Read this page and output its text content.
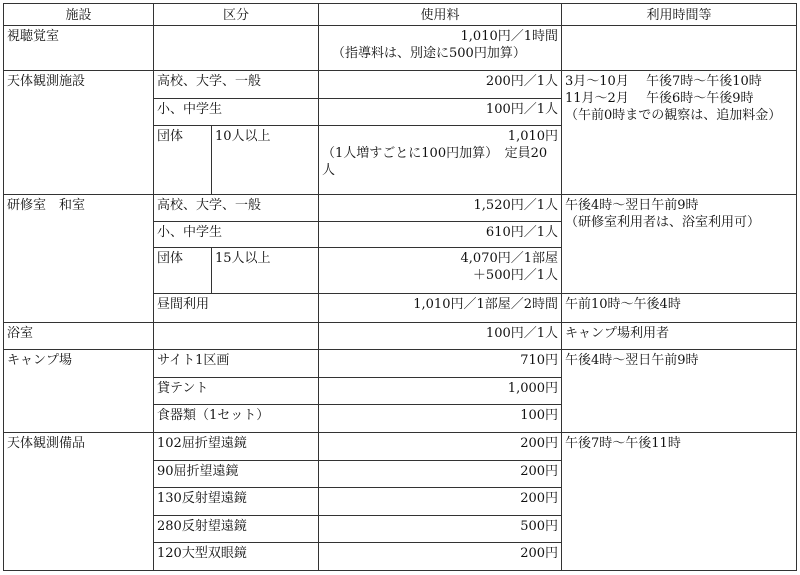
施設	区分		使用料	利用時間等
視聴覚室			1,010円／1時間
（指導料は、別途に500円加算）	

天体観測施設	高校、大学、一般		200円／1人	3月～10月　 午後7時～午後10時
11月～2月　 午後6時～午後9時
（午前0時までの観察は、追加料金）
	小、中学生		100円／1人	
	団体	10人以上	1,010円
（1人増すごとに100円加算）　定員20人	

研修室　和室	高校、大学、一般		1,520円／1人	午後4時～翌日午前9時
（研修室利用者は、浴室利用可）
	小、中学生		610円／1人	
	団体	15人以上	4,070円／1部屋
＋500円／1人	

	昼間利用		1,010円／1部屋／2時間	午前10時～午後4時
浴室			100円／1人	キャンプ場利用者
キャンプ場	サイト1区画		710円	午後4時～翌日午前9時
	貸テント		1,000円	
	食器類（1セット）		100円	
天体観測備品	102屈折望遠鏡		200円	午後7時～午後11時
	90屈折望遠鏡		200円	
	130反射望遠鏡		200円	
	280反射望遠鏡		500円	
	120大型双眼鏡		200円	
